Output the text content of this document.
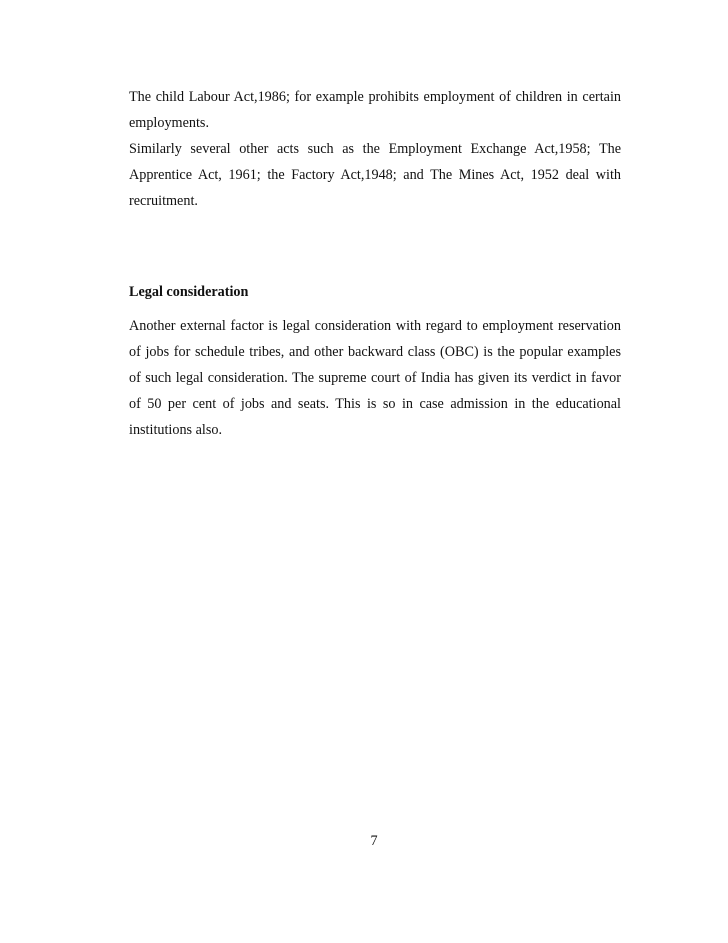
The child Labour Act,1986; for example prohibits employment of children in certain employments.

Similarly several other acts such as the Employment Exchange Act,1958; The Apprentice Act, 1961; the Factory Act,1948; and The Mines Act, 1952 deal with recruitment.

Legal consideration

Another external factor is legal consideration with regard to employment reservation of jobs for schedule tribes, and other backward class (OBC) is the popular examples of such legal consideration. The supreme court of India has given its verdict in favor of 50 per cent of jobs and seats. This is so in case admission in the educational institutions also.

7
